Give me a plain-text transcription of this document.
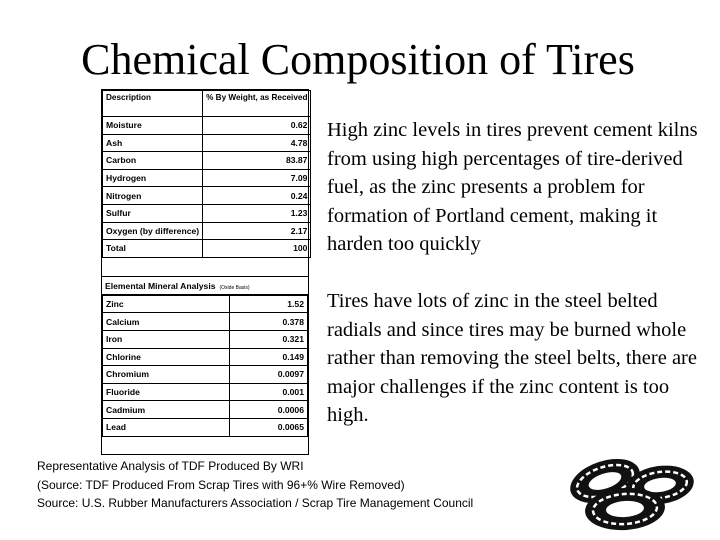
Chemical Composition of Tires
Description	% By Weight, as Received
Moisture	0.62
Ash	4.78
Carbon	83.87
Hydrogen	7.09
Nitrogen	0.24
Sulfur	1.23
Oxygen (by difference)	2.17
Total	100
Elemental Mineral Analysis (Oxide Basis)
Zinc	1.52
Calcium	0.378
Iron	0.321
Chlorine	0.149
Chromium	0.0097
Fluoride	0.001
Cadmium	0.0006
Lead	0.0065
High zinc levels in tires prevent cement kilns from using high percentages of tire-derived fuel, as the zinc presents a problem for formation of Portland cement, making it harden too quickly
Tires have lots of zinc in the steel belted radials and since tires may be burned whole rather than removing the steel belts, there are major challenges if the zinc content is too high.
Representative Analysis of TDF Produced By WRI
(Source: TDF Produced From Scrap Tires with 96+% Wire Removed)
Source: U.S. Rubber Manufacturers Association / Scrap Tire Management Council
